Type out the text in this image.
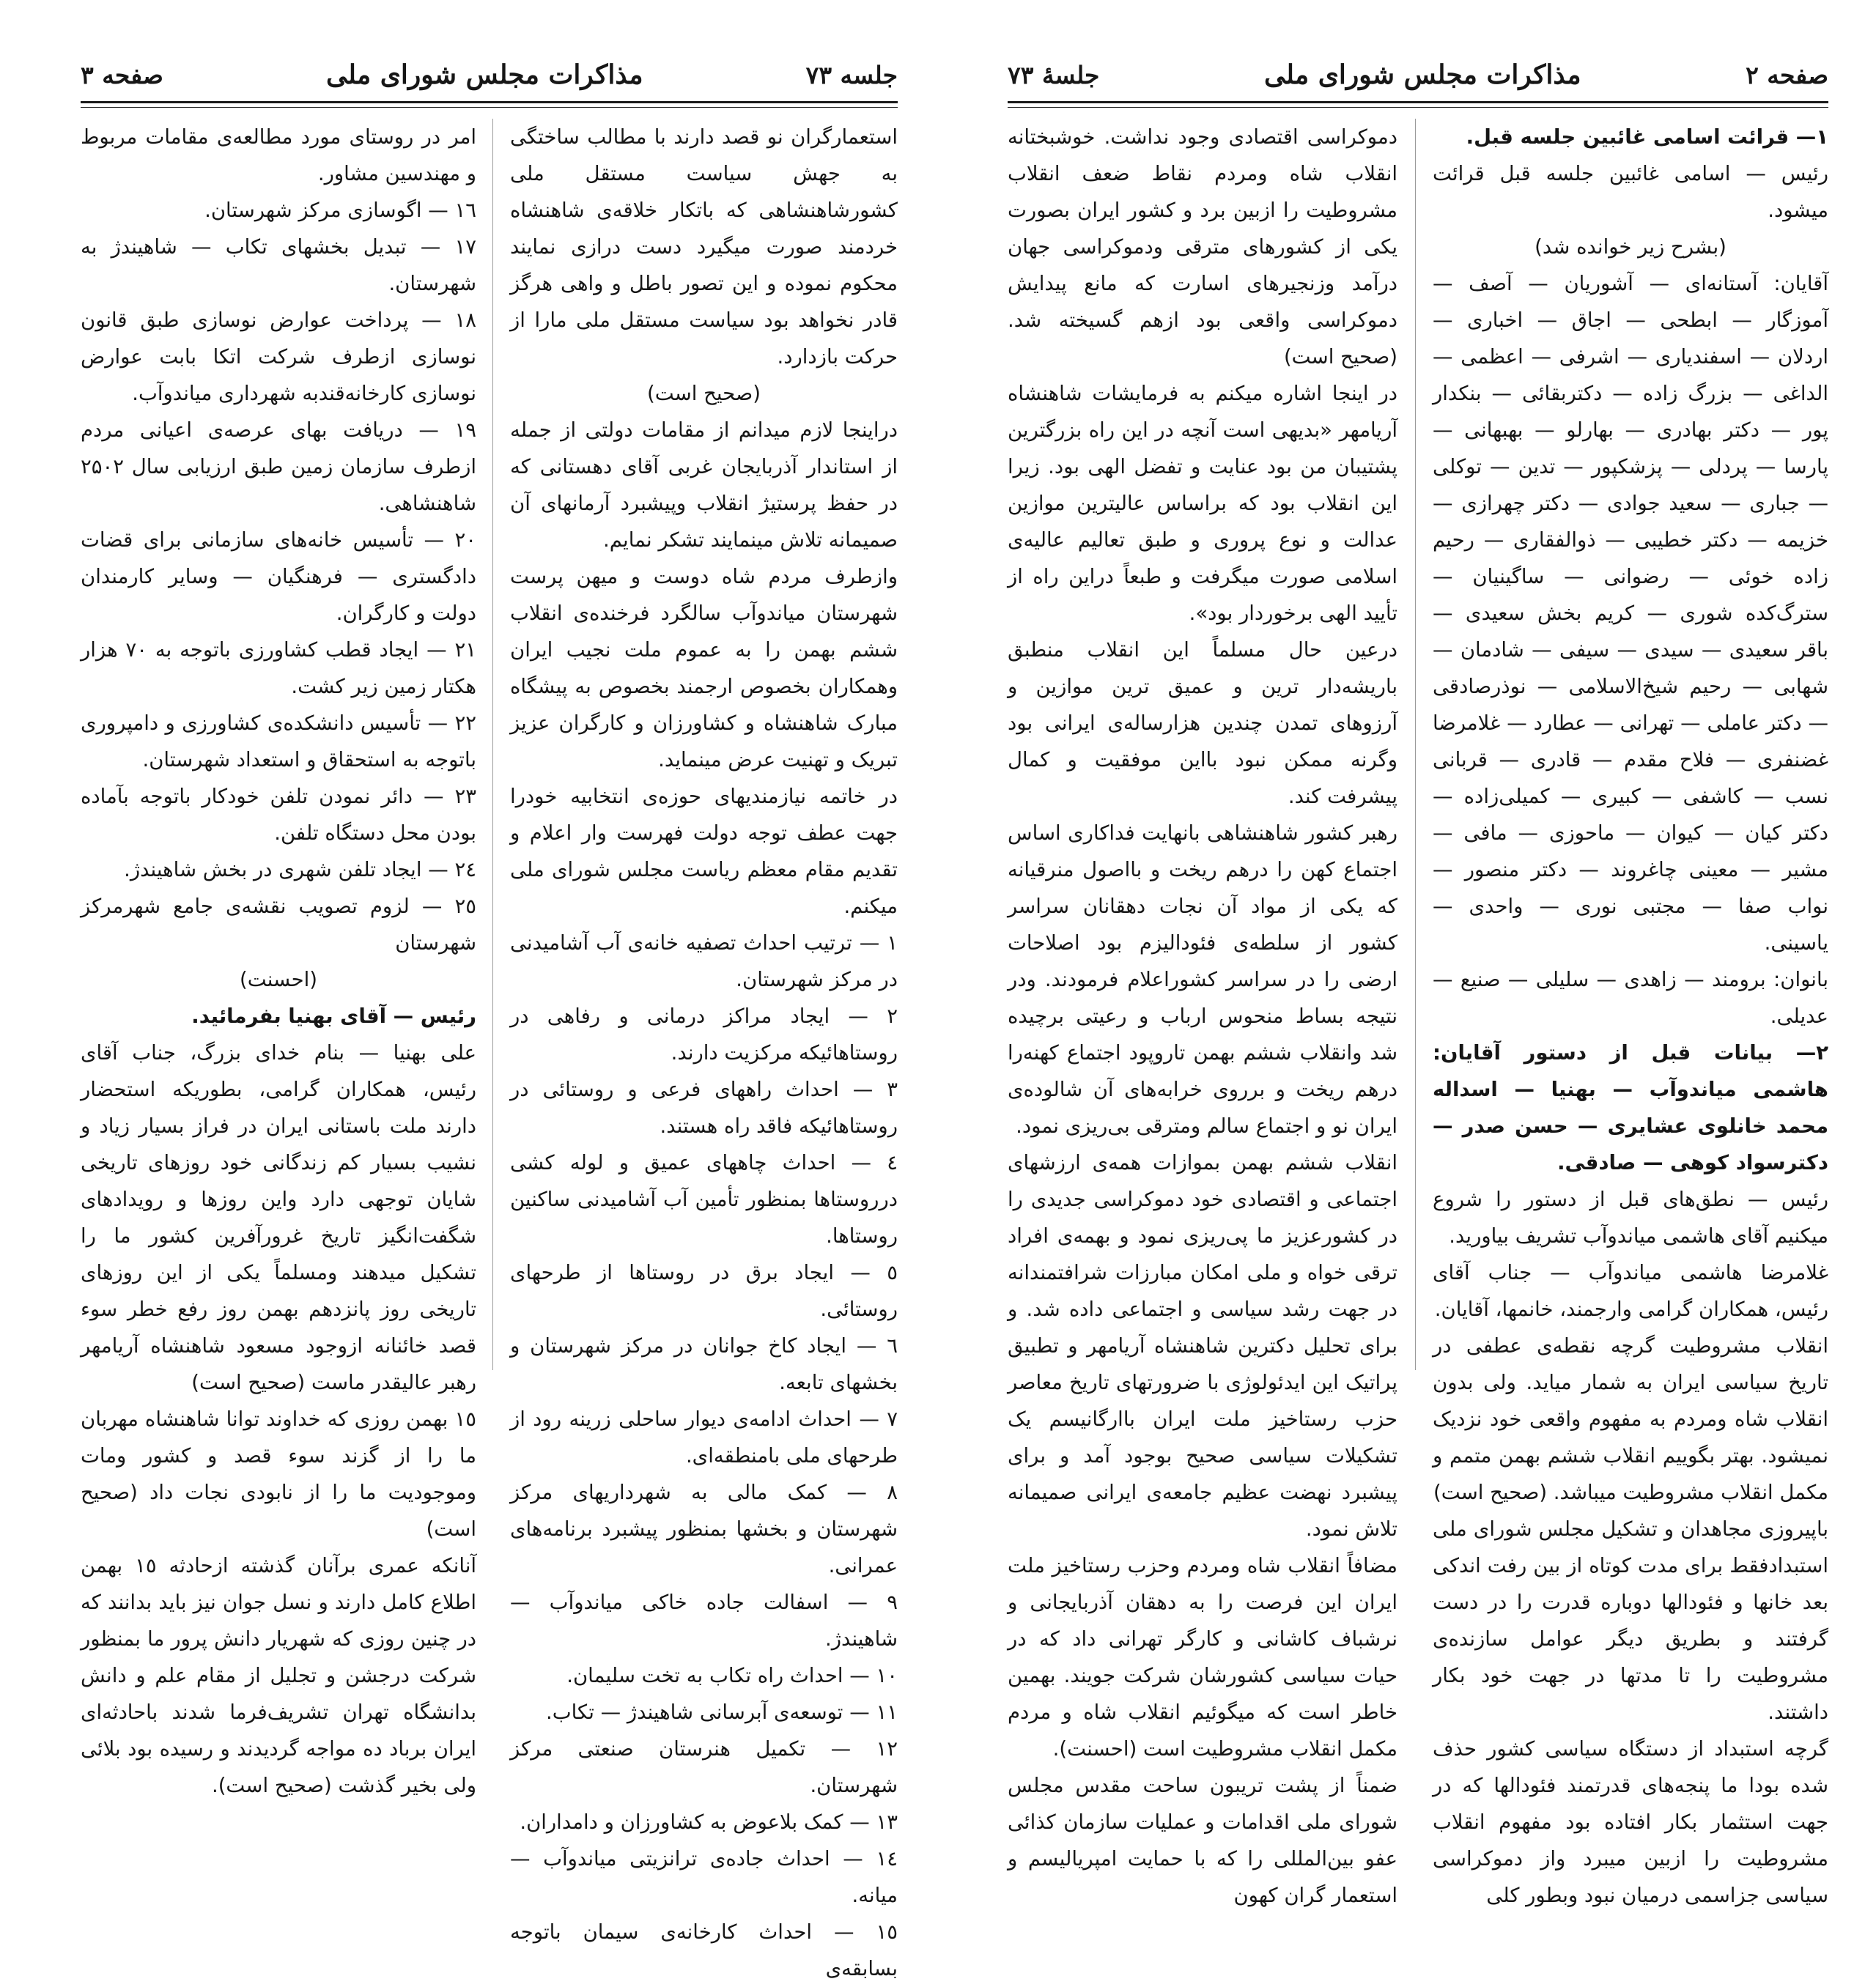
جلسه ۷۳
مذاکرات مجلس شورای ملی
صفحه ۳

استعمارگران نو قصد دارند با مطالب ساختگی به جهش سیاست مستقل ملی کشورشاهنشاهی که باتکار خلاقه‌ی شاهنشاه خردمند صورت میگیرد دست درازی نمایند محکوم نموده و این تصور باطل و واهی هرگز قادر نخواهد بود سیاست مستقل ملی مارا از حرکت بازدارد.

(صحیح است)

دراینجا لازم میدانم از مقامات دولتی از جمله از استاندار آذربایجان غربی آقای دهستانی که در حفظ پرستیژ انقلاب وپیشبرد آرمانهای آن صمیمانه تلاش مینمایند تشکر نمایم.

وازطرف مردم شاه دوست و میهن پرست شهرستان میاندوآب سالگرد فرخنده‌ی انقلاب ششم بهمن را به عموم ملت نجیب ایران وهمکاران بخصوص ارجمند بخصوص به پیشگاه مبارک شاهنشاه و کشاورزان و کارگران عزیز تبریک و تهنیت عرض مینماید.

در خاتمه نیازمندیهای حوزه‌ی انتخابیه خودرا جهت عطف توجه دولت فهرست وار اعلام و تقدیم مقام معظم ریاست مجلس شورای ملی میکنم.

۱ — ترتیب احداث تصفیه خانه‌ی آب آشامیدنی در مرکز شهرستان.

۲ — ایجاد مراکز درمانی و رفاهی در روستاهائیکه مرکزیت دارند.

۳ — احداث راههای فرعی و روستائی در روستاهائیکه فاقد راه هستند.

٤ — احداث چاههای عمیق و لوله کشی درروستاها بمنظور تأمین آب آشامیدنی ساکنین روستاها.

٥ — ایجاد برق در روستاها از طرحهای روستائی.

٦ — ایجاد کاخ جوانان در مرکز شهرستان و بخشهای تابعه.

۷ — احداث ادامه‌ی دیوار ساحلی زرینه رود از طرحهای ملی بامنطقه‌ای.

۸ — کمک مالی به شهرداریهای مرکز شهرستان و بخشها بمنظور پیشبرد برنامه‌های عمرانی.

۹ — اسفالت جاده خاکی میاندوآب — شاهیندژ.

۱۰ — احداث راه تکاب به تخت سلیمان.

۱۱ — توسعه‌ی آبرسانی شاهیندژ — تکاب.

۱۲ — تکمیل هنرستان صنعتی مرکز شهرستان.

۱۳ — کمک بلاعوض به کشاورزان و دامداران.

۱٤ — احداث جاده‌ی ترانزیتی میاندوآب — میانه.

۱٥ — احداث کارخانه‌ی سیمان باتوجه بسابقه‌ی

امر در روستای مورد مطالعه‌ی مقامات مربوط و مهندسین مشاور.

۱٦ — اگوسازی مرکز شهرستان.

۱۷ — تبدیل بخشهای تکاب — شاهیندژ به شهرستان.

۱۸ — پرداخت عوارض نوسازی طبق قانون نوسازی ازطرف شرکت اتکا بابت عوارض نوسازی کارخانه‌قندبه شهرداری میاندوآب.

۱۹ — دریافت بهای عرصه‌ی اعیانی مردم ازطرف سازمان زمین طبق ارزیابی سال ۲۵۰۲ شاهنشاهی.

۲۰ — تأسیس خانه‌های سازمانی برای قضات دادگستری — فرهنگیان — وسایر کارمندان دولت و کارگران.

۲۱ — ایجاد قطب کشاورزی باتوجه به ۷۰ هزار هکتار زمین زیر کشت.

۲۲ — تأسیس دانشکده‌ی کشاورزی و دامپروری باتوجه به استحقاق و استعداد شهرستان.

۲۳ — دائر نمودن تلفن خودکار باتوجه بآماده بودن محل دستگاه تلفن.

۲٤ — ایجاد تلفن شهری در بخش شاهیندژ.

۲٥ — لزوم تصویب نقشه‌ی جامع شهرمرکز شهرستان

(احسنت)

رئیس — آقای بهنیا بفرمائید.

علی بهنیا — بنام خدای بزرگ، جناب آقای رئیس، همکاران گرامی، بطوریکه استحضار دارند ملت باستانی ایران در فراز بسیار زیاد و نشیب بسیار کم زندگانی خود روزهای تاریخی شایان توجهی دارد واین روزها و رویدادهای شگفت‌انگیز تاریخ غرورآفرین کشور ما را تشکیل میدهند ومسلماً یکی از این روزهای تاریخی روز پانزدهم بهمن روز رفع خطر سوء قصد خائنانه ازوجود مسعود شاهنشاه آریامهر رهبر عالیقدر ماست (صحیح است)

۱٥ بهمن روزی که خداوند توانا شاهنشاه مهربان ما را از گزند سوء قصد و کشور ومات وموجودیت ما را از نابودی نجات داد (صحیح است)

آنانکه عمری برآنان گذشته ازحادثه ۱٥ بهمن اطلاع کامل دارند و نسل جوان نیز باید بدانند که در چنین روزی که شهریار دانش پرور ما بمنظور شرکت درجشن و تجلیل از مقام علم و دانش بدانشگاه تهران تشریف‌فرما شدند باحادثه‌ای ایران برباد ده مواجه گردیدند و رسیده بود بلائی ولی بخیر گذشت (صحیح است).

صفحه ۲
مذاکرات مجلس شورای ملی
جلسهٔ ۷۳

۱— قرائت اسامی غائبین جلسه قبل.

رئیس — اسامی غائبین جلسه قبل قرائت میشود.

(بشرح زیر خوانده شد)

آقایان: آستانه‌ای — آشوریان — آصف — آموزگار — ابطحی — اجاق — اخباری — اردلان — اسفندیاری — اشرفی — اعظمی — الداغی — بزرگ زاده — دکتربقائی — بنکدار پور — دکتر بهادری — بهارلو — بهبهانی — پارسا — پردلی — پزشکپور — تدین — توکلی — جباری — سعید جوادی — دکتر چهرازی — خزیمه — دکتر خطیبی — ذوالفقاری — رحیم زاده خوئی — رضوانی — ساگینیان — سترگ‌کده شوری — کریم بخش سعیدی — باقر سعیدی — سیدی — سیفی — شادمان — شهابی — رحیم شیخ‌الاسلامی — نوذرصادقی — دکتر عاملی — تهرانی — عطارد — غلامرضا غضنفری — فلاح مقدم — قادری — قربانی نسب — کاشفی — کبیری — کمیلی‌زاده — دکتر کیان — کیوان — ماحوزی — مافی — مشیر — معینی چاغروند — دکتر منصور — نواب صفا — مجتبی نوری — واحدی — یاسینی.

بانوان: برومند — زاهدی — سلیلی — صنیع — عدیلی.

۲— بیانات قبل از دستور آقایان: هاشمی میاندوآب — بهنیا — اسداله محمد خانلوی عشایری — حسن صدر — دکترسواد کوهی — صادقی.

رئیس — نطق‌های قبل از دستور را شروع میکنیم آقای هاشمی میاندوآب تشریف بیاورید.

غلامرضا هاشمی میاندوآب — جناب آقای رئیس، همکاران گرامی وارجمند، خانمها، آقایان.

انقلاب مشروطیت گرچه نقطه‌ی عطفی در تاریخ سیاسی ایران به شمار میاید. ولی بدون انقلاب شاه ومردم به مفهوم واقعی خود نزدیک نمیشود. بهتر بگوییم انقلاب ششم بهمن متمم و مکمل انقلاب مشروطیت میباشد. (صحیح است)

باپیروزی مجاهدان و تشکیل مجلس شورای ملی استبدادفقط برای مدت کوتاه از بین رفت اندکی بعد خانها و فئودالها دوباره قدرت را در دست گرفتند و بطریق دیگر عوامل سازنده‌ی مشروطیت را تا مدتها در جهت خود بکار داشتند.

گرچه استبداد از دستگاه سیاسی کشور حذف شده بودا ما پنجه‌های قدرتمند فئودالها که در جهت استثمار بکار افتاده بود مفهوم انقلاب مشروطیت را ازبین میبرد واز دموکراسی سیاسی جزاسمی درمیان نبود وبطور کلی

دموکراسی اقتصادی وجود نداشت. خوشبختانه انقلاب شاه ومردم نقاط ضعف انقلاب مشروطیت را ازبین برد و کشور ایران بصورت یکی از کشورهای مترقی ودموکراسی جهان درآمد وزنجیرهای اسارت که مانع پیدایش دموکراسی واقعی بود ازهم گسیخته شد. (صحیح است)

در اینجا اشاره میکنم به فرمایشات شاهنشاه آریامهر «بدیهی است آنچه در این راه بزرگترین پشتیبان من بود عنایت و تفضل الهی بود. زیرا این انقلاب بود که براساس عالیترین موازین عدالت و نوع پروری و طبق تعالیم عالیه‌ی اسلامی صورت میگرفت و طبعاً دراین راه از تأیید الهی برخوردار بود».

درعین حال مسلماً این انقلاب منطبق باریشه‌دار ترین و عمیق ترین موازین و آرزوهای تمدن چندین هزارساله‌ی ایرانی بود وگرنه ممکن نبود بااین موفقیت و کمال پیشرفت کند.

رهبر کشور شاهنشاهی بانهایت فداکاری اساس اجتماع کهن را درهم ریخت و بااصول منرقیانه که یکی از مواد آن نجات دهقانان سراسر کشور از سلطه‌ی فئودالیزم بود اصلاحات ارضی را در سراسر کشوراعلام فرمودند. ودر نتیجه بساط منحوس ارباب و رعیتی برچیده شد وانقلاب ششم بهمن تاروپود اجتماع کهنه‌را درهم ریخت و برروی خرابه‌های آن شالوده‌ی ایران نو و اجتماع سالم ومترقی بی‌ریزی نمود.

انقلاب ششم بهمن بموازات همه‌ی ارزشهای اجتماعی و اقتصادی خود دموکراسی جدیدی را در کشورعزیز ما پی‌ریزی نمود و بهمه‌ی افراد ترقی خواه و ملی امکان مبارزات شرافتمندانه در جهت رشد سیاسی و اجتماعی داده شد. و برای تحلیل دکترین شاهنشاه آریامهر و تطبیق پراتیک این ایدئولوژی با ضرورتهای تاریخ معاصر حزب رستاخیز ملت ایران باارگانیسم یک تشکیلات سیاسی صحیح بوجود آمد و برای پیشبرد نهضت عظیم جامعه‌ی ایرانی صمیمانه تلاش نمود.

مضافاً انقلاب شاه ومردم وحزب رستاخیز ملت ایران این فرصت را به دهقان آذربایجانی و نرشباف کاشانی و کارگر تهرانی داد که در حیات سیاسی کشورشان شرکت جویند. بهمین خاطر است که میگوئیم انقلاب شاه و مردم مکمل انقلاب مشروطیت است (احسنت).

ضمناً از پشت تریبون ساحت مقدس مجلس شورای ملی اقدامات و عملیات سازمان کذائی عفو بین‌المللی را که با حمایت امپریالیسم و استعمار گران کهون
